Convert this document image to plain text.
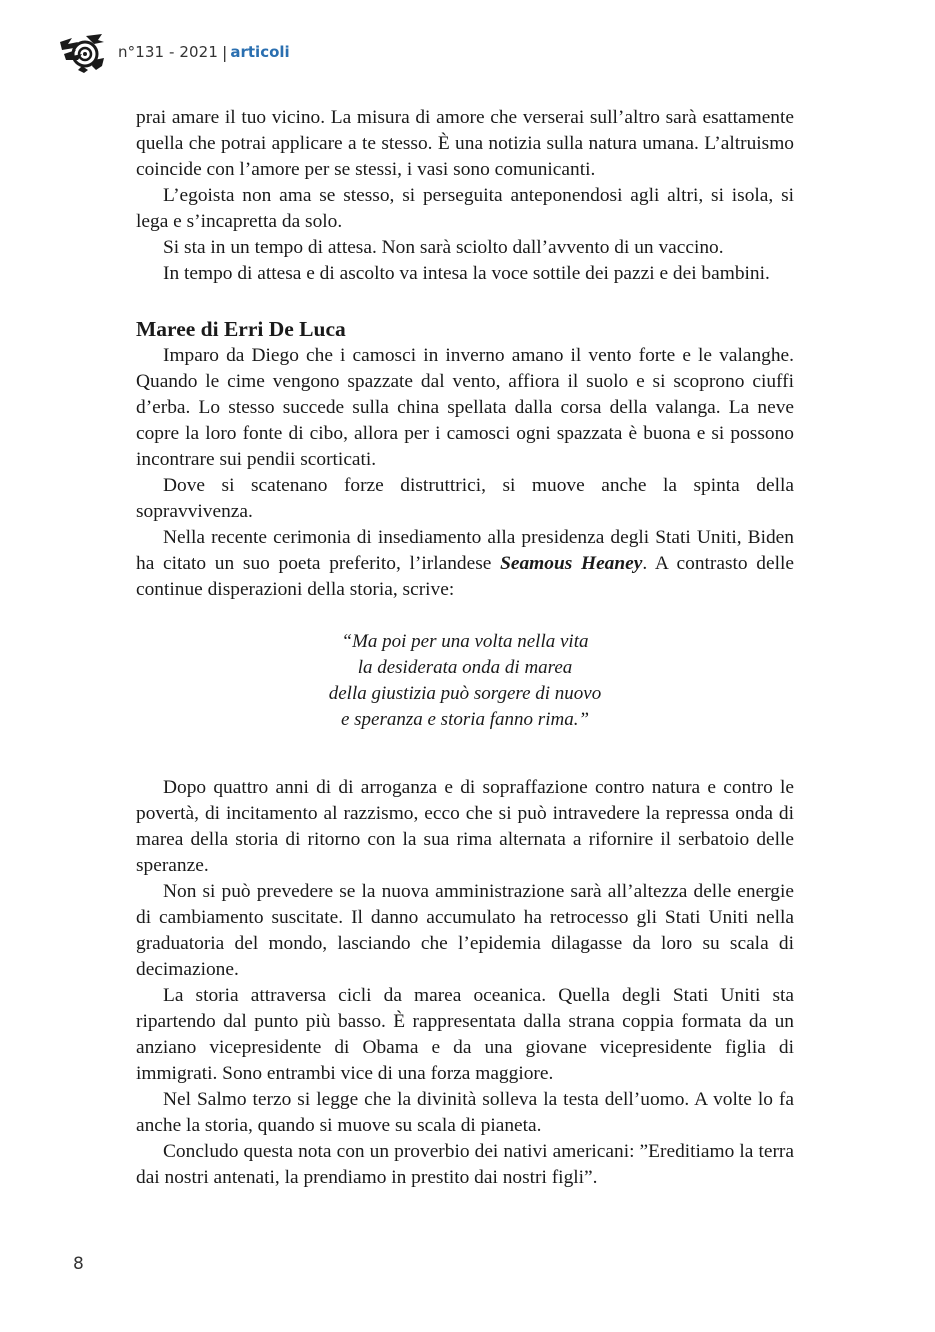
n°131 - 2021 | articoli

prai amare il tuo vicino. La misura di amore che verserai sull’altro sarà esattamente quella che potrai applicare a te stesso. È una notizia sulla natura umana. L’altruismo coincide con l’amore per se stessi, i vasi sono comunicanti.

L’egoista non ama se stesso, si perseguita anteponendosi agli altri, si isola, si lega e s’incapretta da solo.

Si sta in un tempo di attesa. Non sarà sciolto dall’avvento di un vaccino.

In tempo di attesa e di ascolto va intesa la voce sottile dei pazzi e dei bambini.

Maree di Erri De Luca

Imparo da Diego che i camosci in inverno amano il vento forte e le valanghe. Quando le cime vengono spazzate dal vento, affiora il suolo e si scoprono ciuffi d’erba. Lo stesso succede sulla china spellata dalla corsa della valanga. La neve copre la loro fonte di cibo, allora per i camosci ogni spazzata è buona e si possono incontrare sui pendii scorticati.

Dove si scatenano forze distruttrici, si muove anche la spinta della sopravvivenza.

Nella recente cerimonia di insediamento alla presidenza degli Stati Uniti, Biden ha citato un suo poeta preferito, l’irlandese Seamous Heaney. A contrasto delle continue disperazioni della storia, scrive:

“Ma poi per una volta nella vita
la desiderata onda di marea
della giustizia può sorgere di nuovo
e speranza e storia fanno rima.”

Dopo quattro anni di di arroganza e di sopraffazione contro natura e contro le povertà, di incitamento al razzismo, ecco che si può intravedere la repressa onda di marea della storia di ritorno con la sua rima alternata a rifornire il serbatoio delle speranze.

Non si può prevedere se la nuova amministrazione sarà all’altezza delle energie di cambiamento suscitate. Il danno accumulato ha retrocesso gli Stati Uniti nella graduatoria del mondo, lasciando che l’epidemia dilagasse da loro su scala di decimazione.

La storia attraversa cicli da marea oceanica. Quella degli Stati Uniti sta ripartendo dal punto più basso. È rappresentata dalla strana coppia formata da un anziano vicepresidente di Obama e da una giovane vicepresidente figlia di immigrati. Sono entrambi vice di una forza maggiore.

Nel Salmo terzo si legge che la divinità solleva la testa dell’uomo. A volte lo fa anche la storia, quando si muove su scala di pianeta.

Concludo questa nota con un proverbio dei nativi americani: ”Ereditiamo la terra dai nostri antenati, la prendiamo in prestito dai nostri figli”.

8
